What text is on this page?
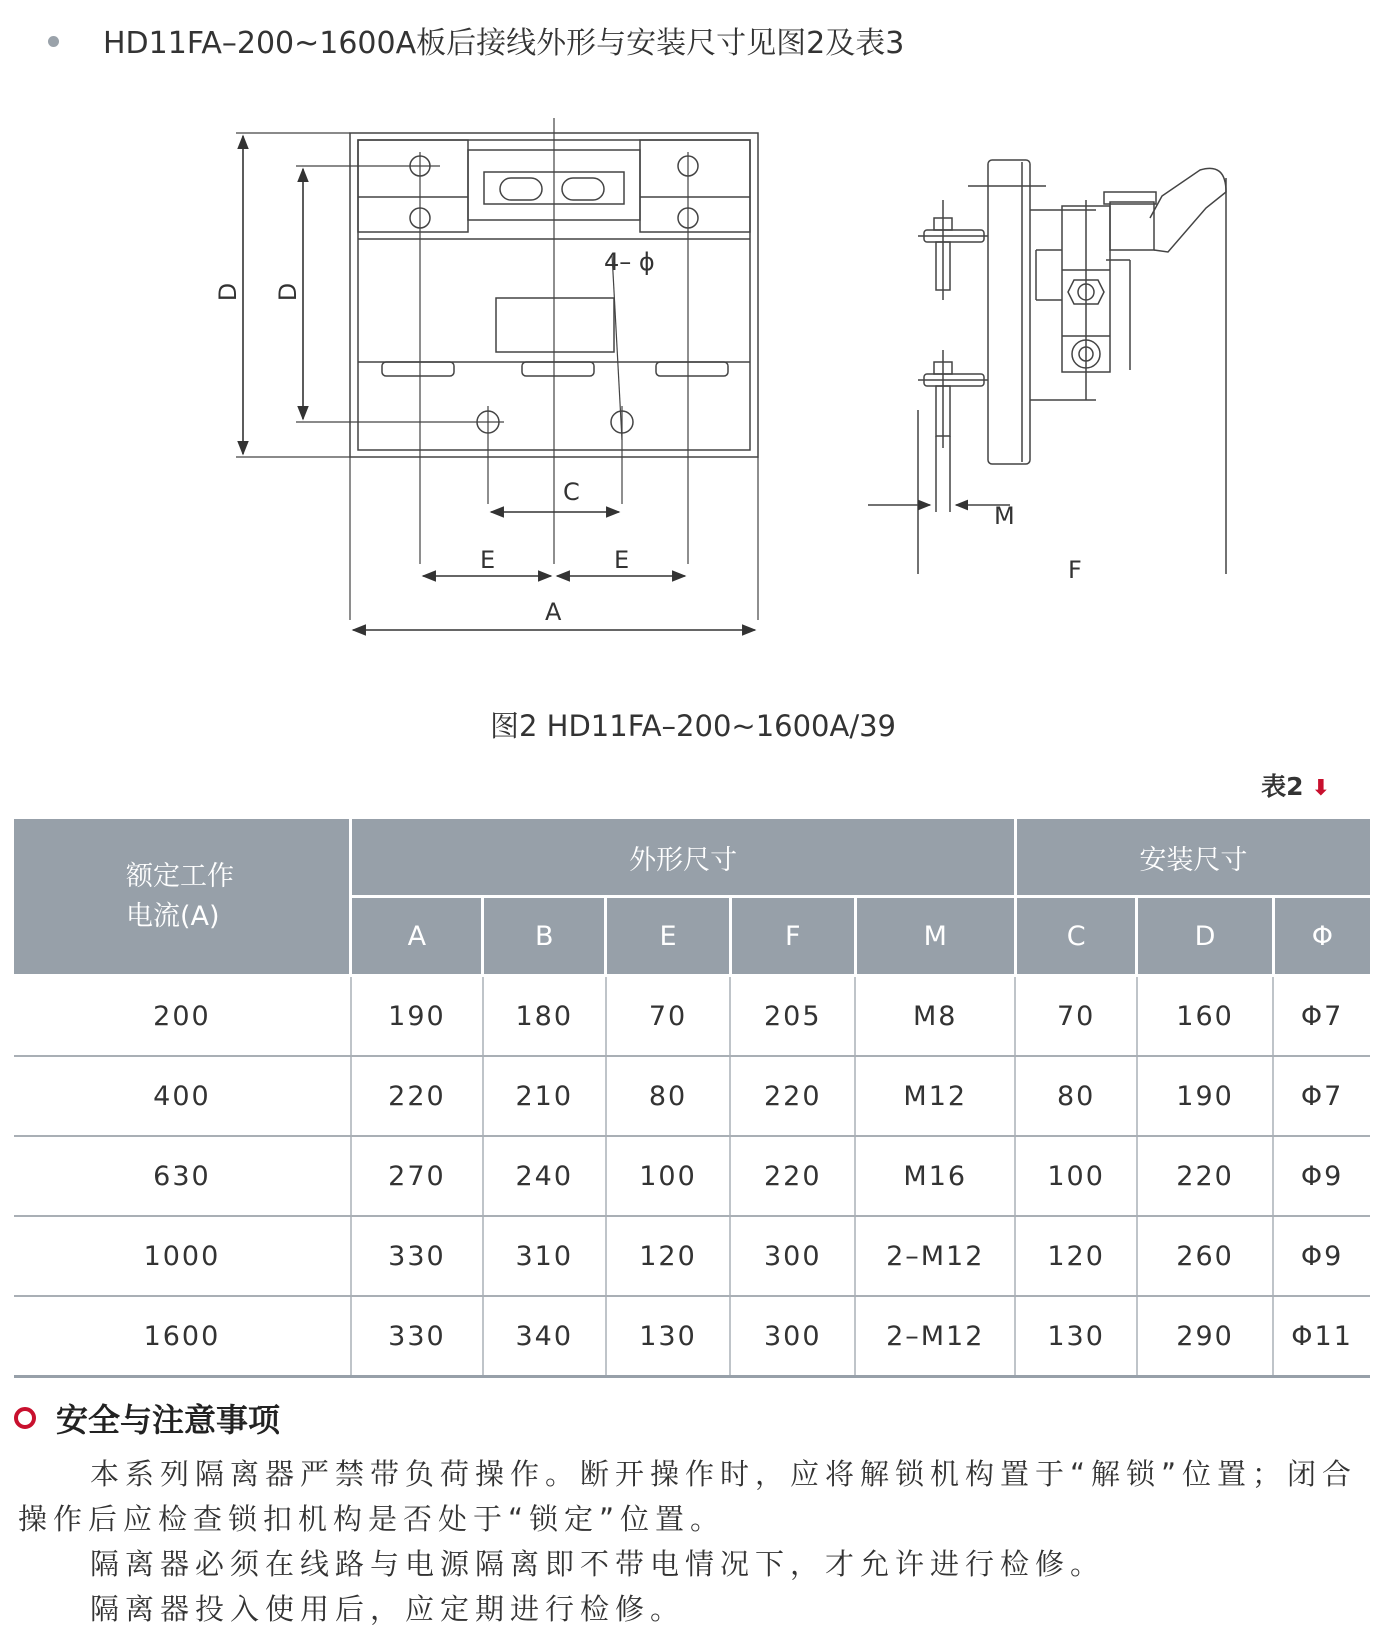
HD11FA–200~1600A板后接线外形与安装尺寸见图2及表3
D D
4– ϕ
C
E	E
A
M
F
图2 HD11FA–200~1600A/39
表2 ⬇
额定工作
电流(A)	外形尺寸					安装尺寸		
	A	B	E	F	M	C	D	Φ
200	190	180	70	205	M8	70	160	Φ7
400	220	210	80	220	M12	80	190	Φ7
630	270	240	100	220	M16	100	220	Φ9
1000	330	310	120	300	2–M12	120	260	Φ9
1600	330	340	130	300	2–M12	130	290	Φ11
安全与注意事项

本系列隔离器严禁带负荷操作。断开操作时，应将解锁机构置于“解锁”位置；闭合操作后应检查锁扣机构是否处于“锁定”位置。

隔离器必须在线路与电源隔离即不带电情况下，才允许进行检修。

隔离器投入使用后，应定期进行检修。
